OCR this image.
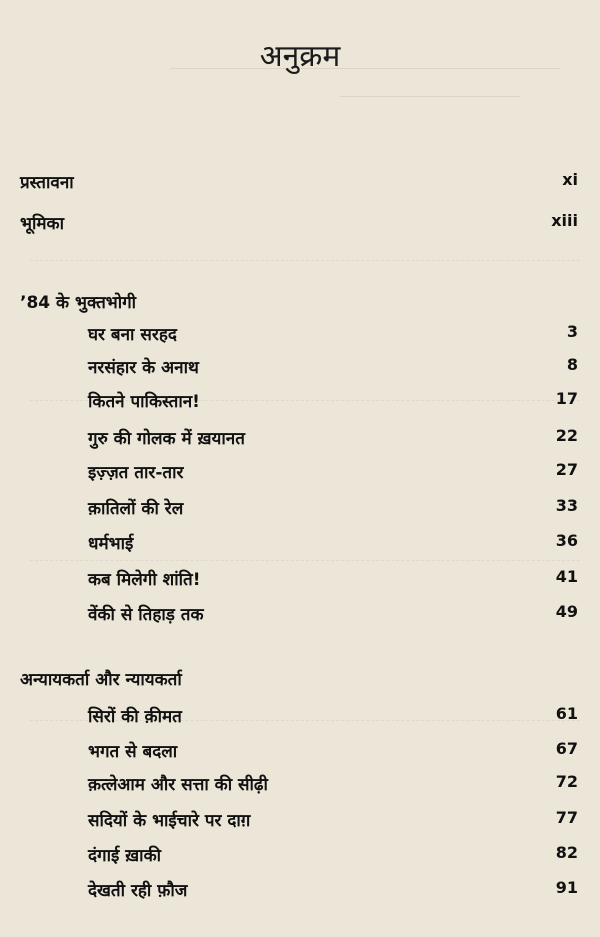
अनुक्रम
प्रस्तावना	xi
भूमिका	xiii
’84 के भुक्तभोगी
घर बना सरहद	3
नरसंहार के अनाथ	8
कितने पाकिस्तान!	17
गुरु की गोलक में ख़यानत	22
इज़्ज़त तार-तार	27
क़ातिलों की रेल	33
धर्मभाई	36
कब मिलेगी शांति!	41
वेंकी से तिहाड़ तक	49
अन्यायकर्ता और न्यायकर्ता
सिरों की क़ीमत	61
भगत से बदला	67
क़त्लेआम और सत्ता की सीढ़ी	72
सदियों के भाईचारे पर दाग़	77
दंगाई ख़ाकी	82
देखती रही फ़ौज	91
